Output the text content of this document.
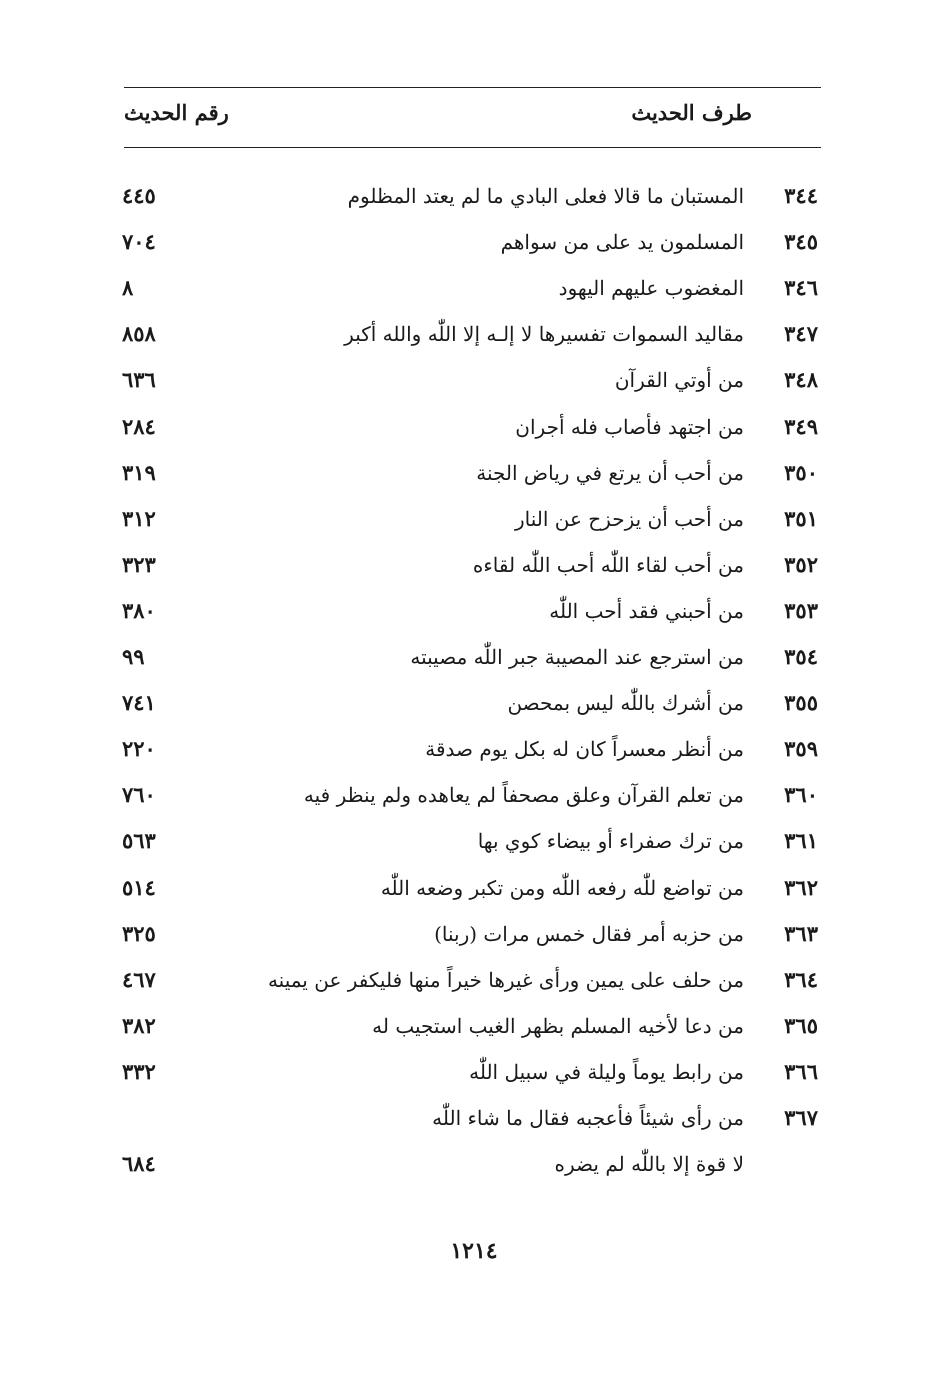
طرف الحديث
رقم الحديث
٣٤٤
المستبان ما قالا فعلى البادي ما لم يعتد المظلوم
٤٤٥
٣٤٥
المسلمون يد على من سواهم
٧٠٤
٣٤٦
المغضوب عليهم اليهود
٨
٣٤٧
مقاليد السموات تفسيرها لا إلـه إلا اللّٰه والله أكبر
٨٥٨
٣٤٨
من أوتي القرآن
٦٣٦
٣٤٩
من اجتهد فأصاب فله أجران
٢٨٤
٣٥٠
من أحب أن يرتع في رياض الجنة
٣١٩
٣٥١
من أحب أن يزحزح عن النار
٣١٢
٣٥٢
من أحب لقاء اللّٰه أحب اللّٰه لقاءه
٣٢٣
٣٥٣
من أحبني فقد أحب اللّٰه
٣٨٠
٣٥٤
من استرجع عند المصيبة جبر اللّٰه مصيبته
٩٩
٣٥٥
من أشرك باللّٰه ليس بمحصن
٧٤١
٣٥٩
من أنظر معسراً كان له بكل يوم صدقة
٢٢٠
٣٦٠
من تعلم القرآن وعلق مصحفاً لم يعاهده ولم ينظر فيه
٧٦٠
٣٦١
من ترك صفراء أو بيضاء كوي بها
٥٦٣
٣٦٢
من تواضع للّٰه رفعه اللّٰه ومن تكبر وضعه اللّٰه
٥١٤
٣٦٣
من حزبه أمر فقال خمس مرات (ربنا)
٣٢٥
٣٦٤
من حلف على يمين ورأى غيرها خيراً منها فليكفر عن يمينه
٤٦٧
٣٦٥
من دعا لأخيه المسلم بظهر الغيب استجيب له
٣٨٢
٣٦٦
من رابط يوماً وليلة في سبيل اللّٰه
٣٣٢
٣٦٧
من رأى شيئاً فأعجبه فقال ما شاء اللّٰه
لا قوة إلا باللّٰه لم يضره
٦٨٤
١٢١٤
